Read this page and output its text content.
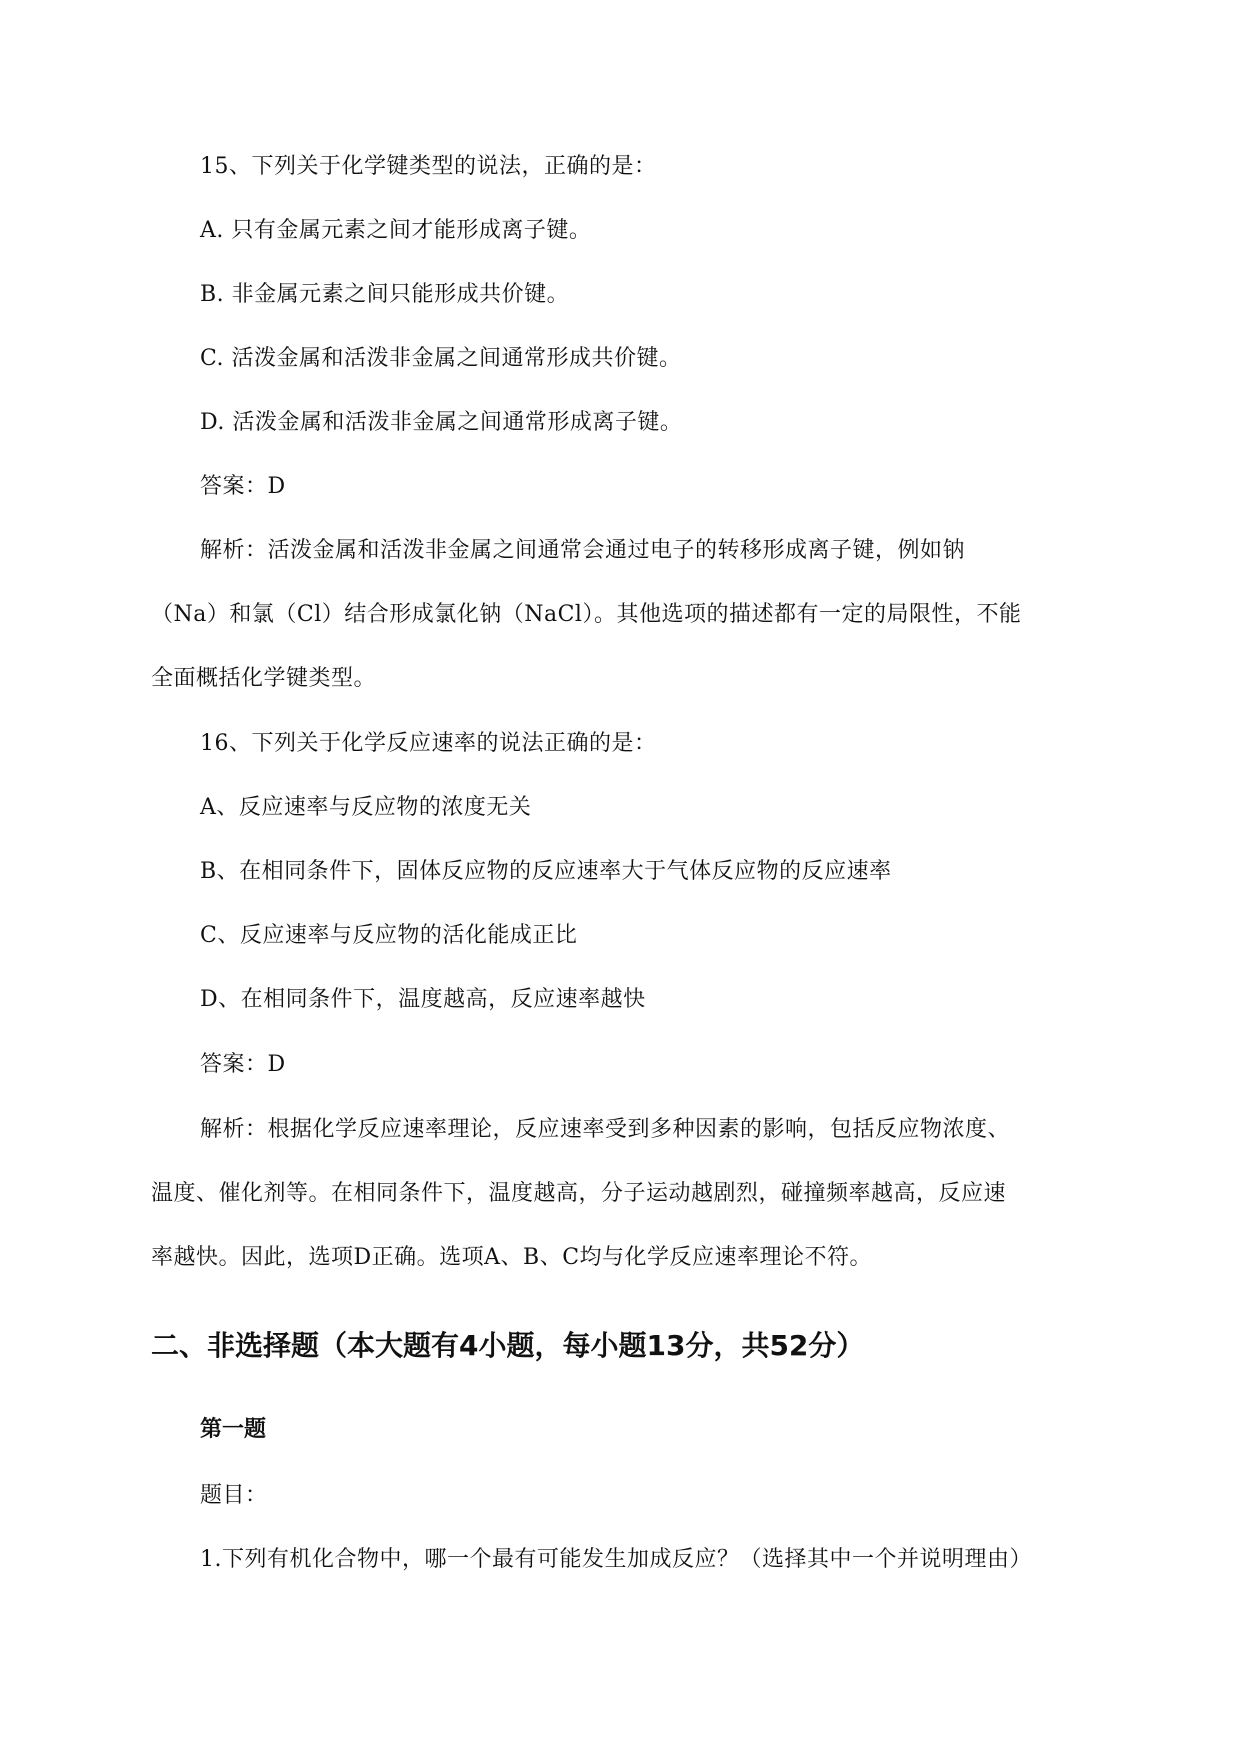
15、下列关于化学键类型的说法，正确的是：
A. 只有金属元素之间才能形成离子键。
B. 非金属元素之间只能形成共价键。
C. 活泼金属和活泼非金属之间通常形成共价键。
D. 活泼金属和活泼非金属之间通常形成离子键。
答案：D
解析：活泼金属和活泼非金属之间通常会通过电子的转移形成离子键，例如钠
（Na）和氯（Cl）结合形成氯化钠（NaCl）。其他选项的描述都有一定的局限性，不能
全面概括化学键类型。
16、下列关于化学反应速率的说法正确的是：
A、反应速率与反应物的浓度无关
B、在相同条件下，固体反应物的反应速率大于气体反应物的反应速率
C、反应速率与反应物的活化能成正比
D、在相同条件下，温度越高，反应速率越快
答案：D
解析：根据化学反应速率理论，反应速率受到多种因素的影响，包括反应物浓度、
温度、催化剂等。在相同条件下，温度越高，分子运动越剧烈，碰撞频率越高，反应速
率越快。因此，选项D正确。选项A、B、C均与化学反应速率理论不符。
二、非选择题（本大题有4小题，每小题13分，共52分）
第一题
题目：
1.下列有机化合物中，哪一个最有可能发生加成反应？（选择其中一个并说明理由）
